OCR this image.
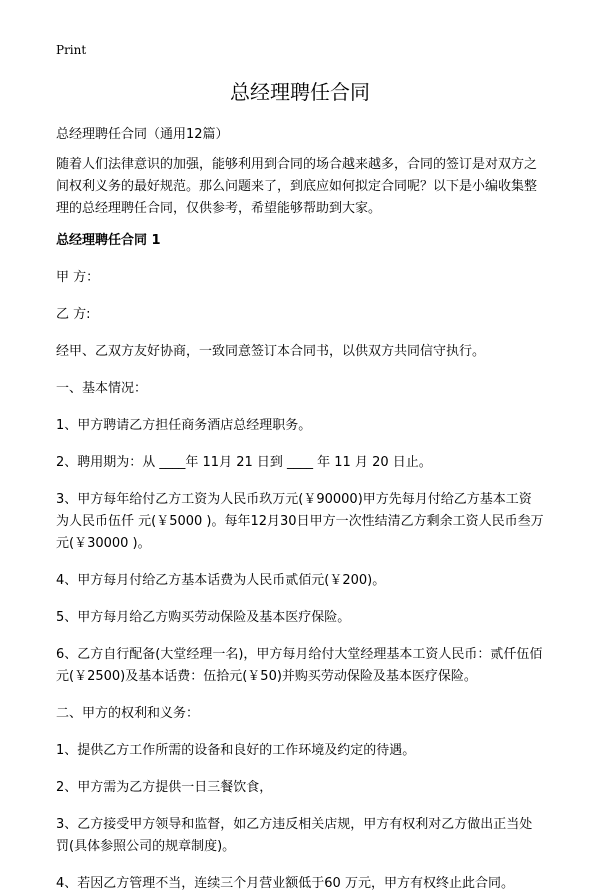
Print
总经理聘任合同

总经理聘任合同（通用12篇）

随着人们法律意识的加强，能够利用到合同的场合越来越多，合同的签订是对双方之间权利义务的最好规范。那么问题来了，到底应如何拟定合同呢？以下是小编收集整理的总经理聘任合同，仅供参考，希望能够帮助到大家。

总经理聘任合同 1

甲 方：

乙 方:

经甲、乙双方友好协商，一致同意签订本合同书，以供双方共同信守执行。

一、基本情况：

1、甲方聘请乙方担任商务酒店总经理职务。

2、聘用期为：从 ____年 11月 21 日到 ____ 年 11 月 20 日止。

3、甲方每年给付乙方工资为人民币玖万元(￥90000)甲方先每月付给乙方基本工资为人民币伍仟 元(￥5000 )。每年12月30日甲方一次性结清乙方剩余工资人民币叁万元(￥30000 )。

4、甲方每月付给乙方基本话费为人民币贰佰元(￥200)。

5、甲方每月给乙方购买劳动保险及基本医疗保险。

6、乙方自行配备(大堂经理一名)，甲方每月给付大堂经理基本工资人民币：贰仟伍佰元(￥2500)及基本话费：伍拾元(￥50)并购买劳动保险及基本医疗保险。

二、甲方的权利和义务：

1、提供乙方工作所需的设备和良好的工作环境及约定的待遇。

2、甲方需为乙方提供一日三餐饮食，

3、乙方接受甲方领导和监督，如乙方违反相关店规，甲方有权利对乙方做出正当处罚(具体参照公司的规章制度)。

4、若因乙方管理不当，连续三个月营业额低于60 万元，甲方有权终止此合同。
